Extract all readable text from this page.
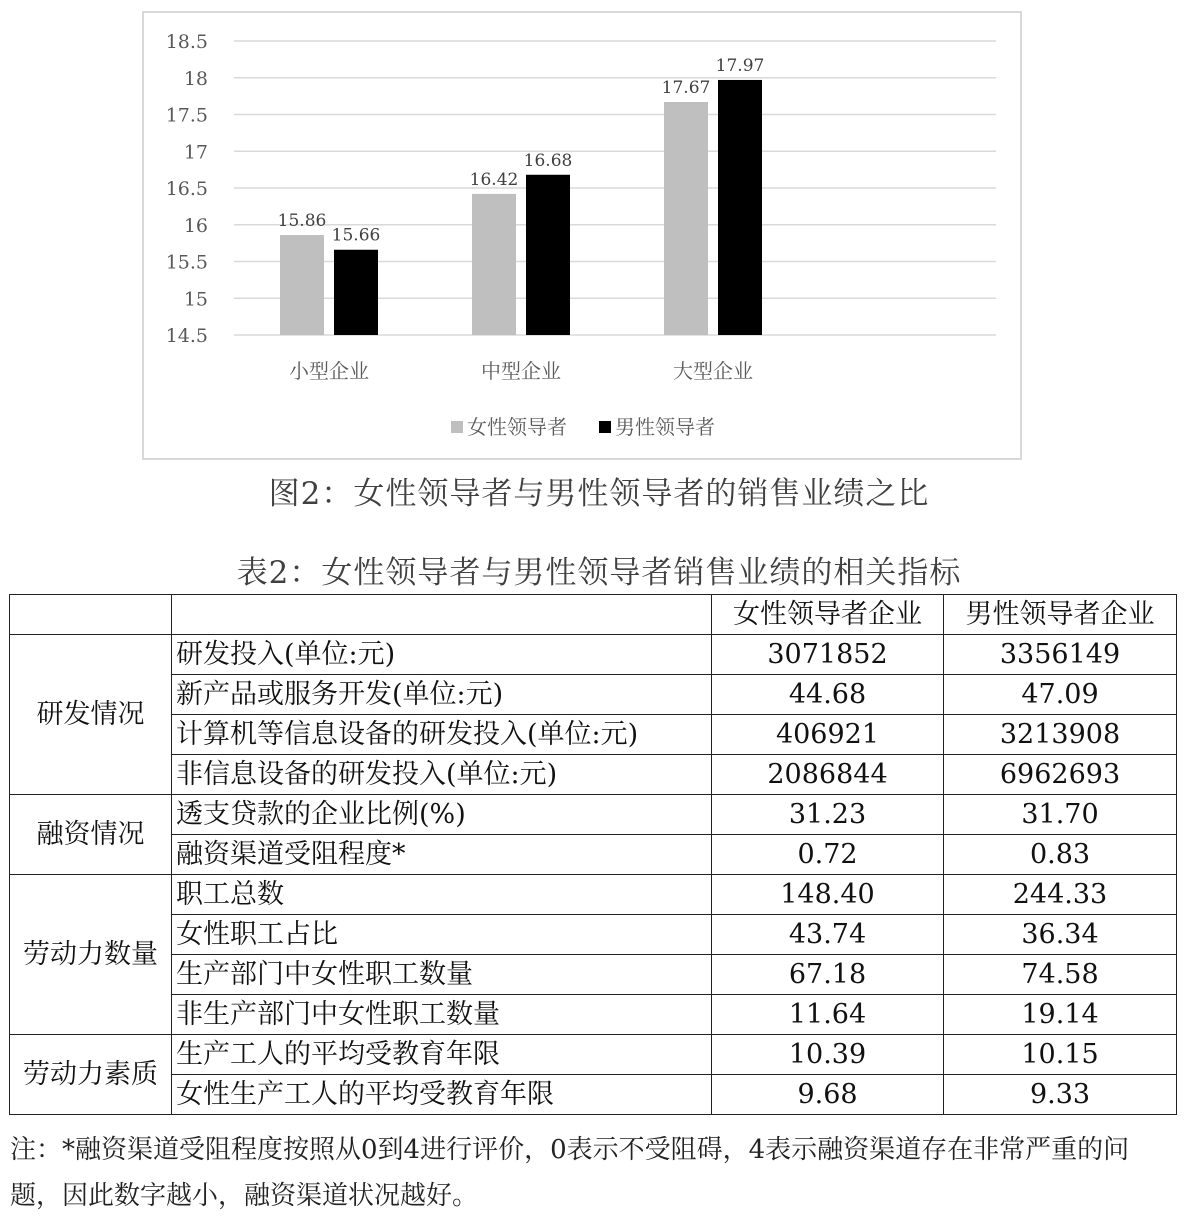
18.5
18
17.5
17
16.5
16
15.5
15
14.5
15.86
15.66
小型企业
16.42
16.68
中型企业
17.67
17.97
大型企业
女性领导者 男性领导者
图2：女性领导者与男性领导者的销售业绩之比
表2：女性领导者与男性领导者销售业绩的相关指标
		女性领导者企业	男性领导者企业
研发情况	研发投入(单位:元)	3071852	3356149
	新产品或服务开发(单位:元)	44.68	47.09
	计算机等信息设备的研发投入(单位:元)	406921	3213908
	非信息设备的研发投入(单位:元)	2086844	6962693
融资情况	透支贷款的企业比例(%)	31.23	31.70
	融资渠道受阻程度*	0.72	0.83
劳动力数量	职工总数	148.40	244.33
	女性职工占比	43.74	36.34
	生产部门中女性职工数量	67.18	74.58
	非生产部门中女性职工数量	11.64	19.14
劳动力素质	生产工人的平均受教育年限	10.39	10.15
	女性生产工人的平均受教育年限	9.68	9.33
注：*融资渠道受阻程度按照从0到4进行评价，0表示不受阻碍，4表示融资渠道存在非常严重的问题，因此数字越小，融资渠道状况越好。
